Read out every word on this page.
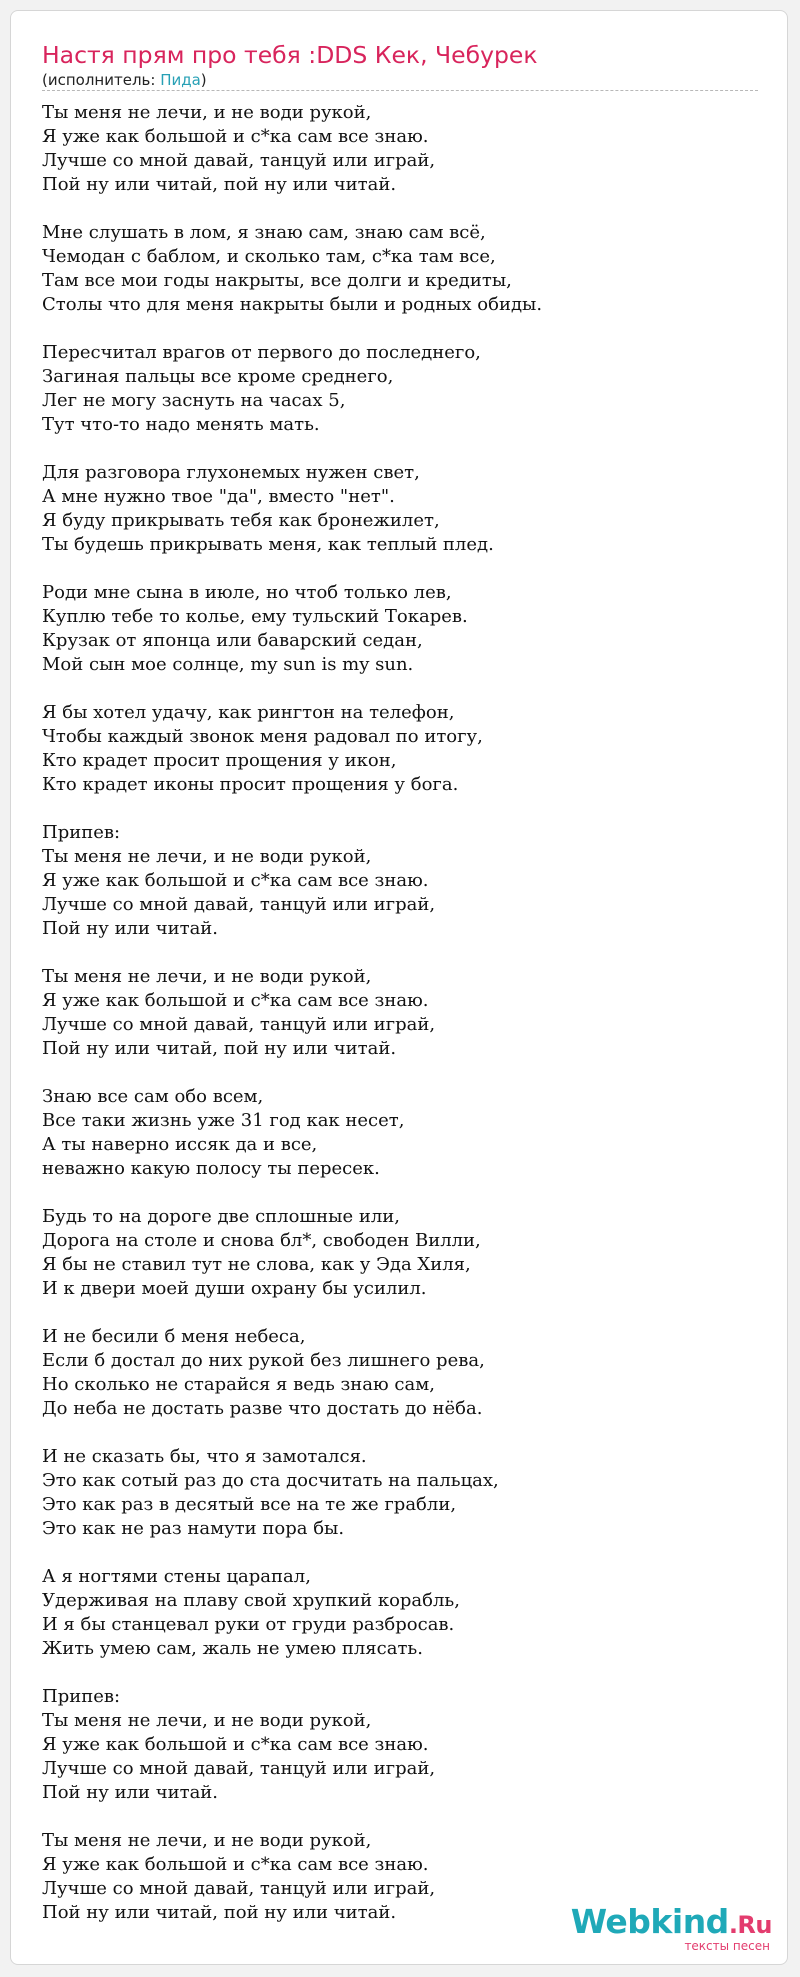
Настя прям про тебя :DDS Кек, Чебурек
(исполнитель: Пида)
Ты меня не лечи, и не води рукой,
Я уже как большой и с*ка сам все знаю.
Лучше со мной давай, танцуй или играй,
Пой ну или читай, пой ну или читай.

Мне слушать в лом, я знаю сам, знаю сам всё,
Чемодан с баблом, и сколько там, с*ка там все,
Там все мои годы накрыты, все долги и кредиты,
Столы что для меня накрыты были и родных обиды.

Пересчитал врагов от первого до последнего,
Загиная пальцы все кроме среднего,
Лег не могу заснуть на часах 5,
Тут что-то надо менять мать.

Для разговора глухонемых нужен свет,
А мне нужно твое "да", вместо "нет".
Я буду прикрывать тебя как бронежилет,
Ты будешь прикрывать меня, как теплый плед.

Роди мне сына в июле, но чтоб только лев,
Куплю тебе то колье, ему тульский Токарев.
Крузак от японца или баварский седан,
Мой сын мое солнце, my sun is my sun.

Я бы хотел удачу, как рингтон на телефон,
Чтобы каждый звонок меня радовал по итогу,
Кто крадет просит прощения у икон,
Кто крадет иконы просит прощения у бога.

Припев:
Ты меня не лечи, и не води рукой,
Я уже как большой и с*ка сам все знаю.
Лучше со мной давай, танцуй или играй,
Пой ну или читай.

Ты меня не лечи, и не води рукой,
Я уже как большой и с*ка сам все знаю.
Лучше со мной давай, танцуй или играй,
Пой ну или читай, пой ну или читай.

Знаю все сам обо всем,
Все таки жизнь уже 31 год как несет,
А ты наверно иссяк да и все,
неважно какую полосу ты пересек.

Будь то на дороге две сплошные или,
Дорога на столе и снова бл*, свободен Вилли,
Я бы не ставил тут не слова, как у Эда Хиля,
И к двери моей души охрану бы усилил.

И не бесили б меня небеса,
Если б достал до них рукой без лишнего рева,
Но сколько не старайся я ведь знаю сам,
До неба не достать разве что достать до нёба.

И не сказать бы, что я замотался.
Это как сотый раз до ста досчитать на пальцах,
Это как раз в десятый все на те же грабли,
Это как не раз намути пора бы.

А я ногтями стены царапал,
Удерживая на плаву свой хрупкий корабль,
И я бы станцевал руки от груди разбросав.
Жить умею сам, жаль не умею плясать.

Припев:
Ты меня не лечи, и не води рукой,
Я уже как большой и с*ка сам все знаю.
Лучше со мной давай, танцуй или играй,
Пой ну или читай.

Ты меня не лечи, и не води рукой,
Я уже как большой и с*ка сам все знаю.
Лучше со мной давай, танцуй или играй,
Пой ну или читай, пой ну или читай.	Webkind.Ru
тексты песен
